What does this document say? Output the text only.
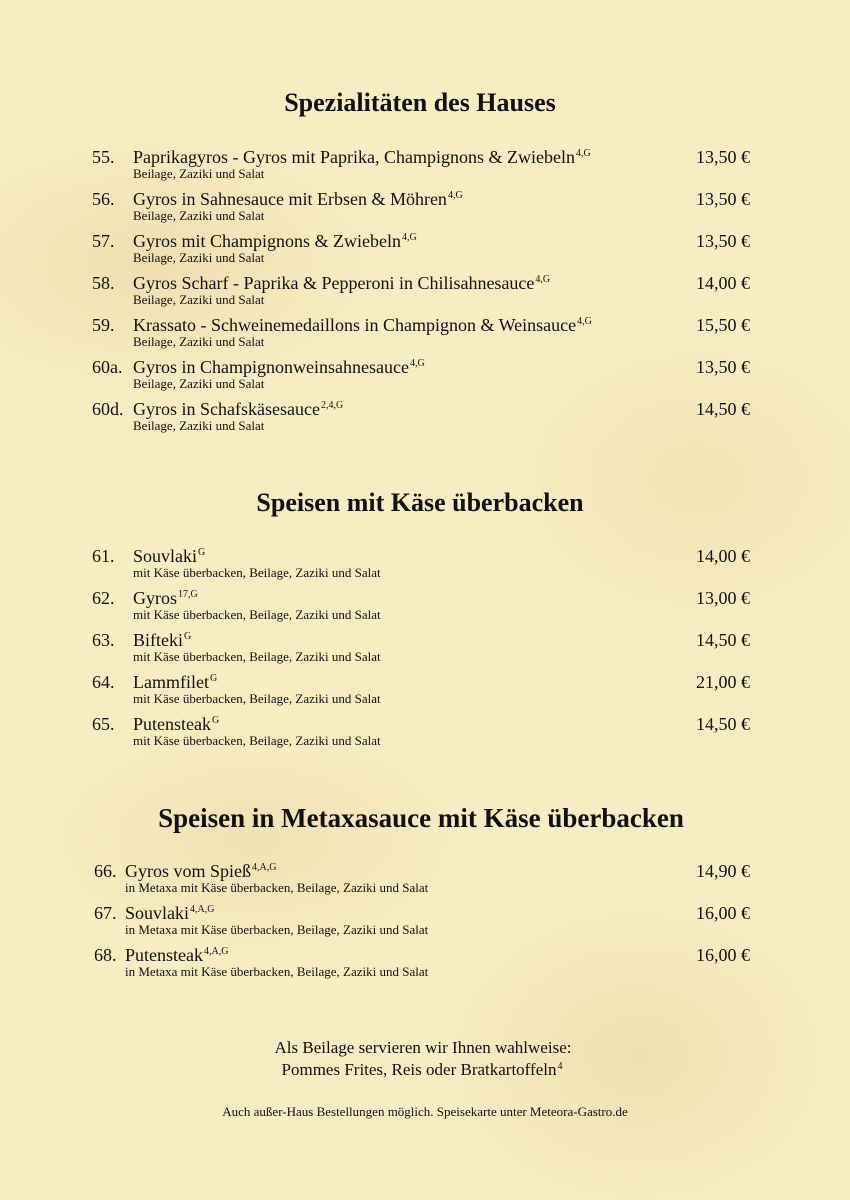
Spezialitäten des Hauses
55. Paprikagyros - Gyros mit Paprika, Champignons & Zwiebeln$^{4,G}$	13,50 €
Beilage, Zaziki und Salat
56. Gyros in Sahnesauce mit Erbsen & Möhren$^{4,G}$	13,50 €
Beilage, Zaziki und Salat
57. Gyros mit Champignons & Zwiebeln$^{4,G}$	13,50 €
Beilage, Zaziki und Salat
58. Gyros Scharf - Paprika & Pepperoni in Chilisahnesauce$^{4,G}$	14,00 €
Beilage, Zaziki und Salat
59. Krassato - Schweinemedaillons in Champignon & Weinsauce$^{4,G}$	15,50 €
Beilage, Zaziki und Salat
60a. Gyros in Champignonweinsahnesauce$^{4,G}$	13,50 €
Beilage, Zaziki und Salat
60d. Gyros in Schafskäsesauce$^{2,4,G}$	14,50 €
Beilage, Zaziki und Salat
Speisen mit Käse überbacken
61. Souvlaki$^G$	14,00 €
mit Käse überbacken, Beilage, Zaziki und Salat
62. Gyros$^{17,G}$	13,00 €
mit Käse überbacken, Beilage, Zaziki und Salat
63. Bifteki$^G$	14,50 €
mit Käse überbacken, Beilage, Zaziki und Salat
64. Lammfilet$^G$	21,00 €
mit Käse überbacken, Beilage, Zaziki und Salat
65. Putensteak$^G$	14,50 €
mit Käse überbacken, Beilage, Zaziki und Salat
Speisen in Metaxasauce mit Käse überbacken
66. Gyros vom Spieß$^{4,A,G}$	14,90 €
in Metaxa mit Käse überbacken, Beilage, Zaziki und Salat
67. Souvlaki$^{4,A,G}$	16,00 €
in Metaxa mit Käse überbacken, Beilage, Zaziki und Salat
68. Putensteak$^{4,A,G}$	16,00 €
in Metaxa mit Käse überbacken, Beilage, Zaziki und Salat

Als Beilage servieren wir Ihnen wahlweise:

Pommes Frites, Reis oder Bratkartoffeln$^4$

Auch außer-Haus Bestellungen möglich. Speisekarte unter Meteora-Gastro.de
